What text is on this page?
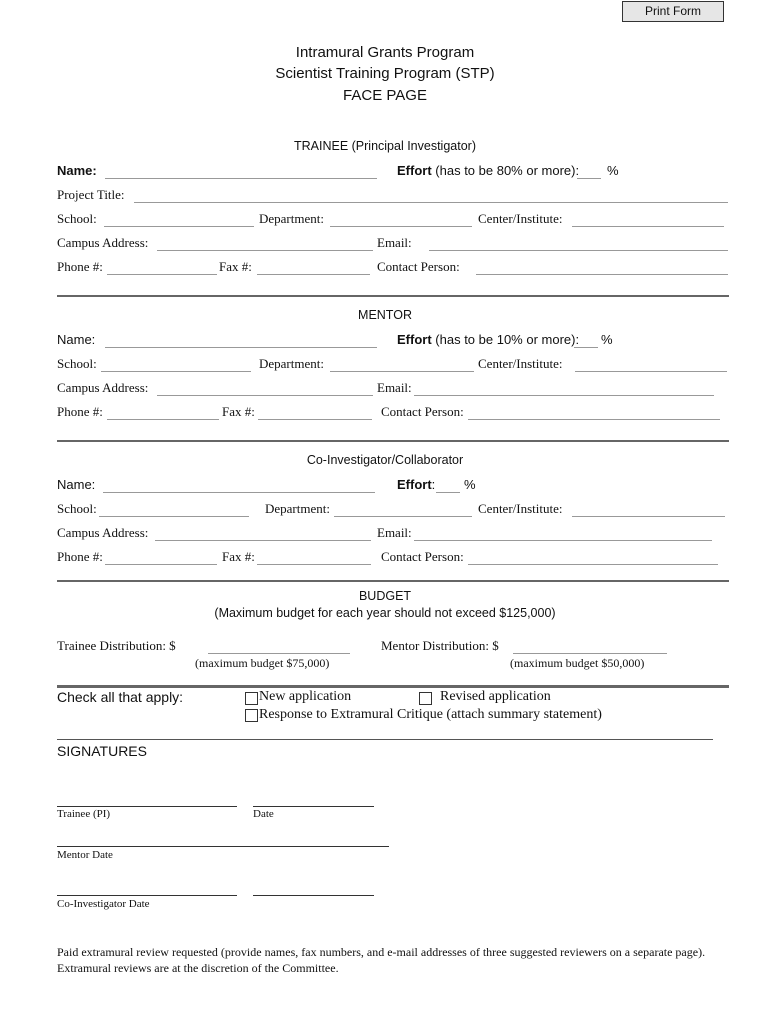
Print Form
Intramural Grants Program
Scientist Training Program (STP)
FACE PAGE
TRAINEE (Principal Investigator)
Name:	Effort (has to be 80% or more): %
Project Title:
School:	Department:	Center/Institute:
Campus Address:	Email:
Phone #:	Fax #:	Contact Person:
MENTOR
Name:	Effort (has to be 10% or more): %
School:	Department:	Center/Institute:
Campus Address:	Email:
Phone #:	Fax #:	Contact Person:
Co-Investigator/Collaborator
Name:	Effort: %
School:	Department:	Center/Institute:
Campus Address:	Email:
Phone #:	Fax #:	Contact Person:
BUDGET
(Maximum budget for each year should not exceed $125,000)
Trainee Distribution: $
(maximum budget $75,000)
Mentor Distribution: $
(maximum budget $50,000)
Check all that apply:	New application	Revised application
Response to Extramural Critique (attach summary statement)
SIGNATURES
Trainee (PI)	Date
Mentor Date
Co-Investigator Date
Paid extramural review requested (provide names, fax numbers, and e-mail addresses of three suggested reviewers on a separate page). Extramural reviews are at the discretion of the Committee.
